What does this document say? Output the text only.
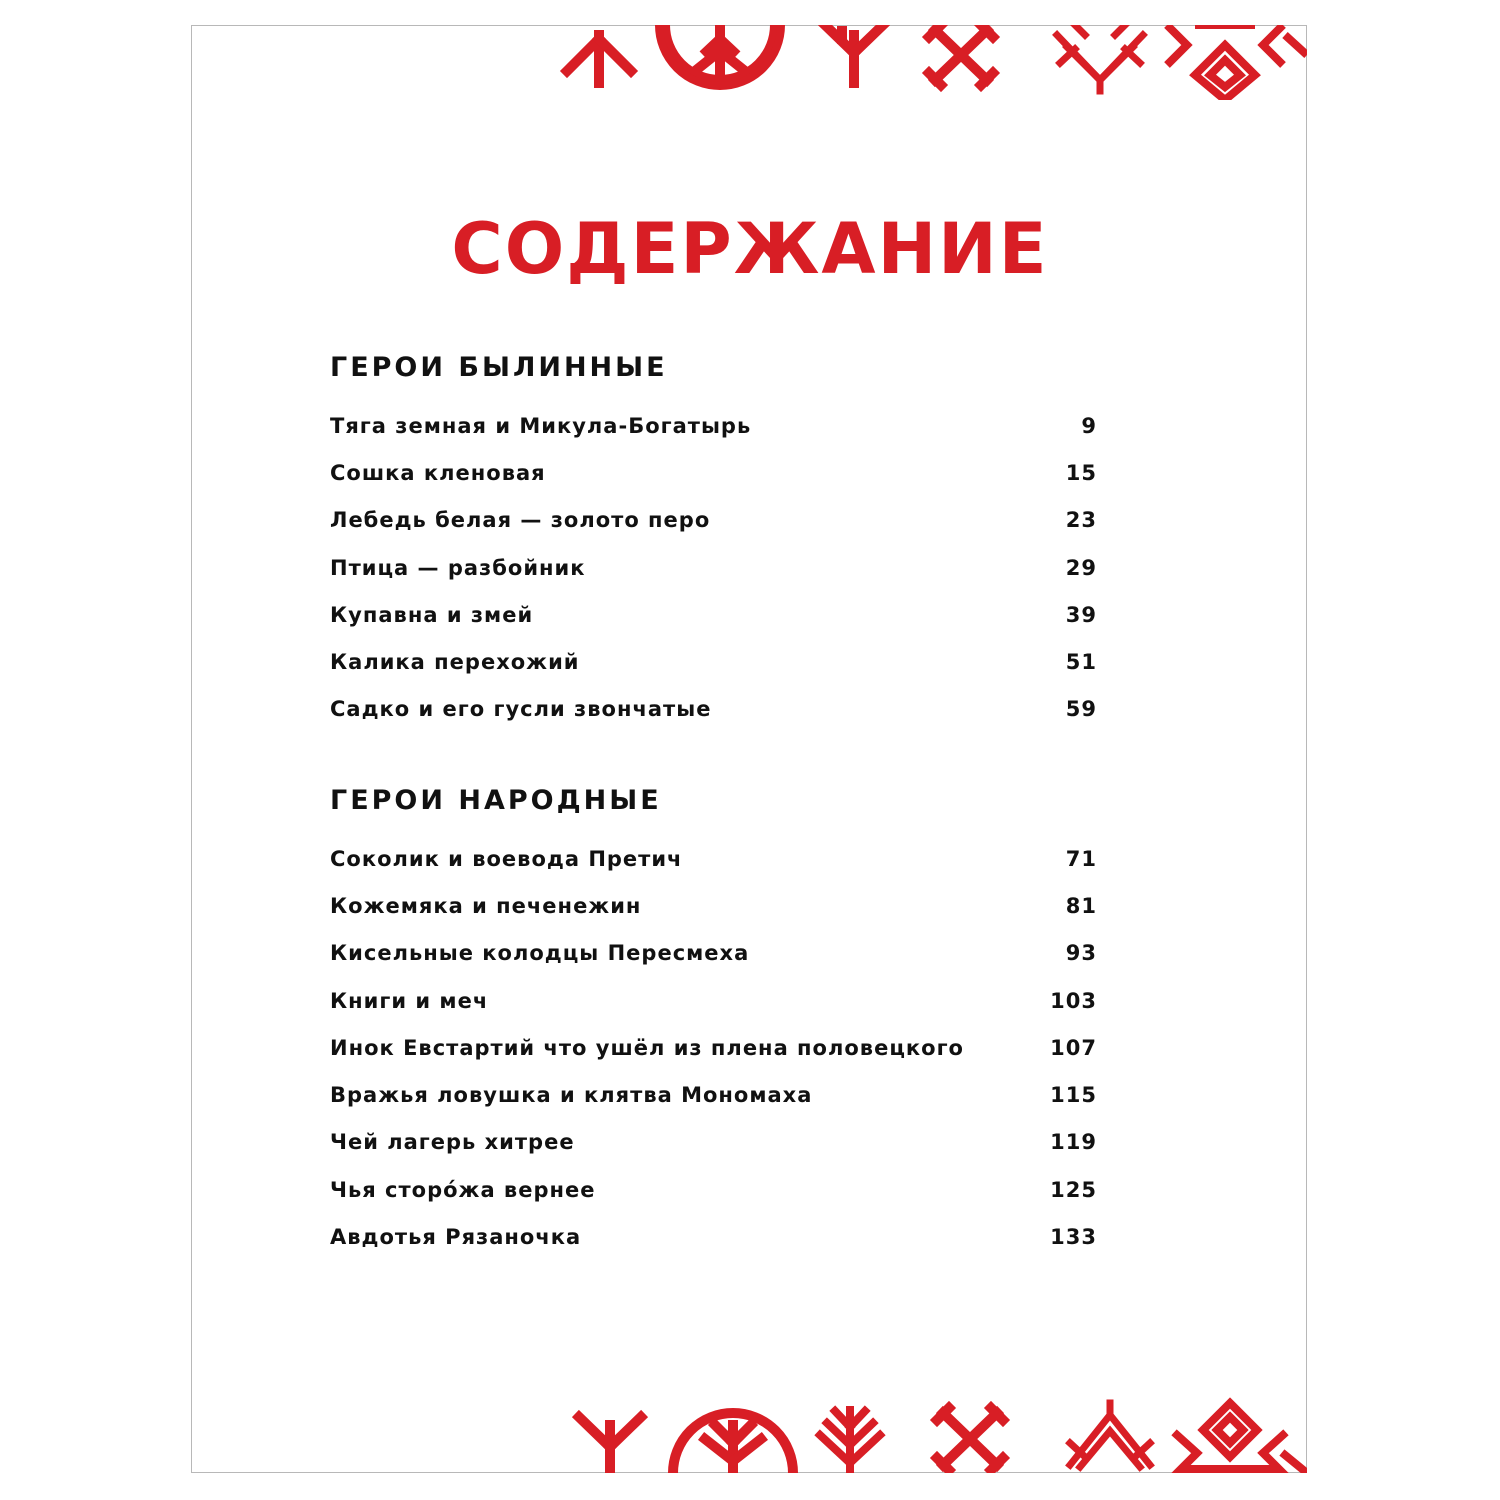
СОДЕРЖАНИЕ
ГЕРОИ БЫЛИННЫЕ
Тяга земная и Микула-Богатырь	9
Сошка кленовая	15
Лебедь белая — золото перо	23
Птица — разбойник	29
Купавна и змей	39
Калика перехожий	51
Садко и его гусли звончатые	59
ГЕРОИ НАРОДНЫЕ
Соколик и воевода Претич	71
Кожемяка и печенежин	81
Кисельные колодцы Пересмеха	93
Книги и меч	103
Инок Евстартий что ушёл из плена половецкого	107
Вражья ловушка и клятва Мономаха	115
Чей лагерь хитрее	119
Чья сторóжа вернее	125
Авдотья Рязаночка	133
